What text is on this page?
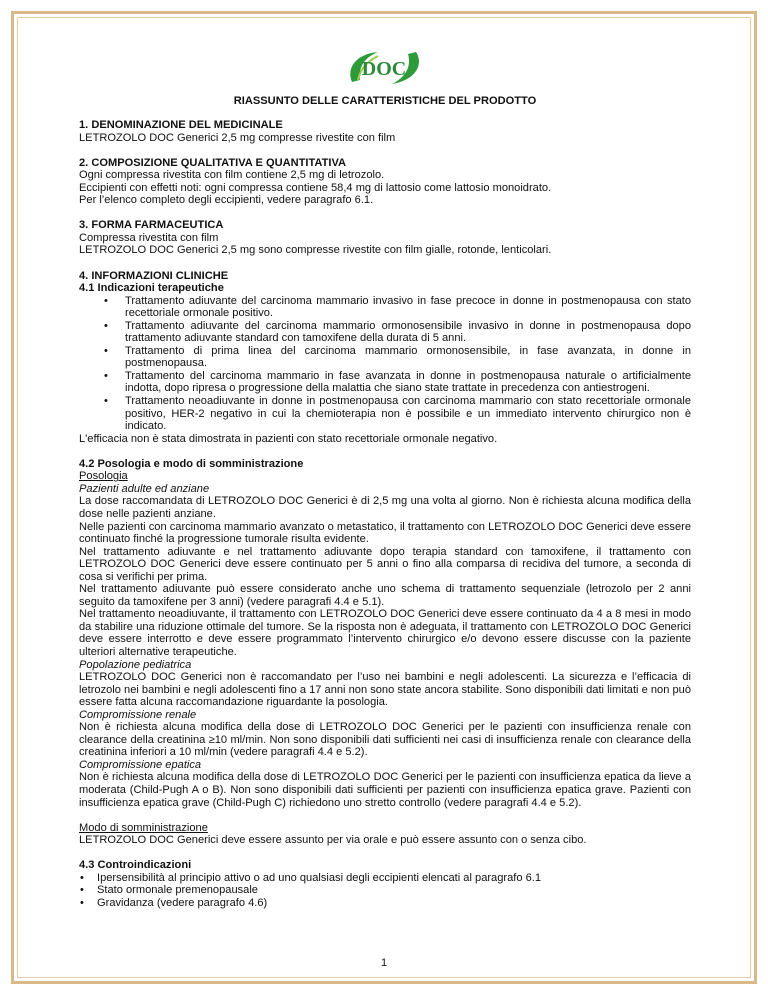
DOC

RIASSUNTO DELLE CARATTERISTICHE DEL PRODOTTO

1. DENOMINAZIONE DEL MEDICINALE

LETROZOLO DOC Generici 2,5 mg compresse rivestite con film

2. COMPOSIZIONE QUALITATIVA E QUANTITATIVA

Ogni compressa rivestita con film contiene 2,5 mg di letrozolo.

Eccipienti con effetti noti: ogni compressa contiene 58,4 mg di lattosio come lattosio monoidrato.

Per l’elenco completo degli eccipienti, vedere paragrafo 6.1.

3. FORMA FARMACEUTICA

Compressa rivestita con film

LETROZOLO DOC Generici 2,5 mg sono compresse rivestite con film gialle, rotonde, lenticolari.

4. INFORMAZIONI CLINICHE

4.1 Indicazioni terapeutiche

• Trattamento adiuvante del carcinoma mammario invasivo in fase precoce in donne in postmenopausa con stato recettoriale ormonale positivo.
• Trattamento adiuvante del carcinoma mammario ormonosensibile invasivo in donne in postmenopausa dopo trattamento adiuvante standard con tamoxifene della durata di 5 anni.
• Trattamento di prima linea del carcinoma mammario ormonosensibile, in fase avanzata, in donne in postmenopausa.
• Trattamento del carcinoma mammario in fase avanzata in donne in postmenopausa naturale o artificialmente indotta, dopo ripresa o progressione della malattia che siano state trattate in precedenza con antiestrogeni.
• Trattamento neoadiuvante in donne in postmenopausa con carcinoma mammario con stato recettoriale ormonale positivo, HER-2 negativo in cui la chemioterapia non è possibile e un immediato intervento chirurgico non è indicato.

L'efficacia non è stata dimostrata in pazienti con stato recettoriale ormonale negativo.

4.2 Posologia e modo di somministrazione

Posologia

Pazienti adulte ed anziane

La dose raccomandata di LETROZOLO DOC Generici è di 2,5 mg una volta al giorno. Non è richiesta alcuna modifica della dose nelle pazienti anziane.

Nelle pazienti con carcinoma mammario avanzato o metastatico, il trattamento con LETROZOLO DOC Generici deve essere continuato finché la progressione tumorale risulta evidente.

Nel trattamento adiuvante e nel trattamento adiuvante dopo terapia standard con tamoxifene, il trattamento con LETROZOLO DOC Generici deve essere continuato per 5 anni o fino alla comparsa di recidiva del tumore, a seconda di cosa si verifichi per prima.

Nel trattamento adiuvante può essere considerato anche uno schema di trattamento sequenziale (letrozolo per 2 anni seguito da tamoxifene per 3 anni) (vedere paragrafi 4.4 e 5.1).

Nel trattamento neoadiuvante, il trattamento con LETROZOLO DOC Generici deve essere continuato da 4 a 8 mesi in modo da stabilire una riduzione ottimale del tumore. Se la risposta non è adeguata, il trattamento con LETROZOLO DOC Generici deve essere interrotto e deve essere programmato l’intervento chirurgico e/o devono essere discusse con la paziente ulteriori alternative terapeutiche.

Popolazione pediatrica

LETROZOLO DOC Generici non è raccomandato per l’uso nei bambini e negli adolescenti. La sicurezza e l’efficacia di letrozolo nei bambini e negli adolescenti fino a 17 anni non sono state ancora stabilite. Sono disponibili dati limitati e non può essere fatta alcuna raccomandazione riguardante la posologia.

Compromissione renale

Non è richiesta alcuna modifica della dose di LETROZOLO DOC Generici per le pazienti con insufficienza renale con clearance della creatinina ≥10 ml/min. Non sono disponibili dati sufficienti nei casi di insufficienza renale con clearance della creatinina inferiori a 10 ml/min (vedere paragrafi 4.4 e 5.2).

Compromissione epatica

Non è richiesta alcuna modifica della dose di LETROZOLO DOC Generici per le pazienti con insufficienza epatica da lieve a moderata (Child-Pugh A o B). Non sono disponibili dati sufficienti per pazienti con insufficienza epatica grave. Pazienti con insufficienza epatica grave (Child-Pugh C) richiedono uno stretto controllo (vedere paragrafi 4.4 e 5.2).

Modo di somministrazione

LETROZOLO DOC Generici deve essere assunto per via orale e può essere assunto con o senza cibo.

4.3 Controindicazioni

• Ipersensibilità al principio attivo o ad uno qualsiasi degli eccipienti elencati al paragrafo 6.1
• Stato ormonale premenopausale
• Gravidanza (vedere paragrafo 4.6)
1
